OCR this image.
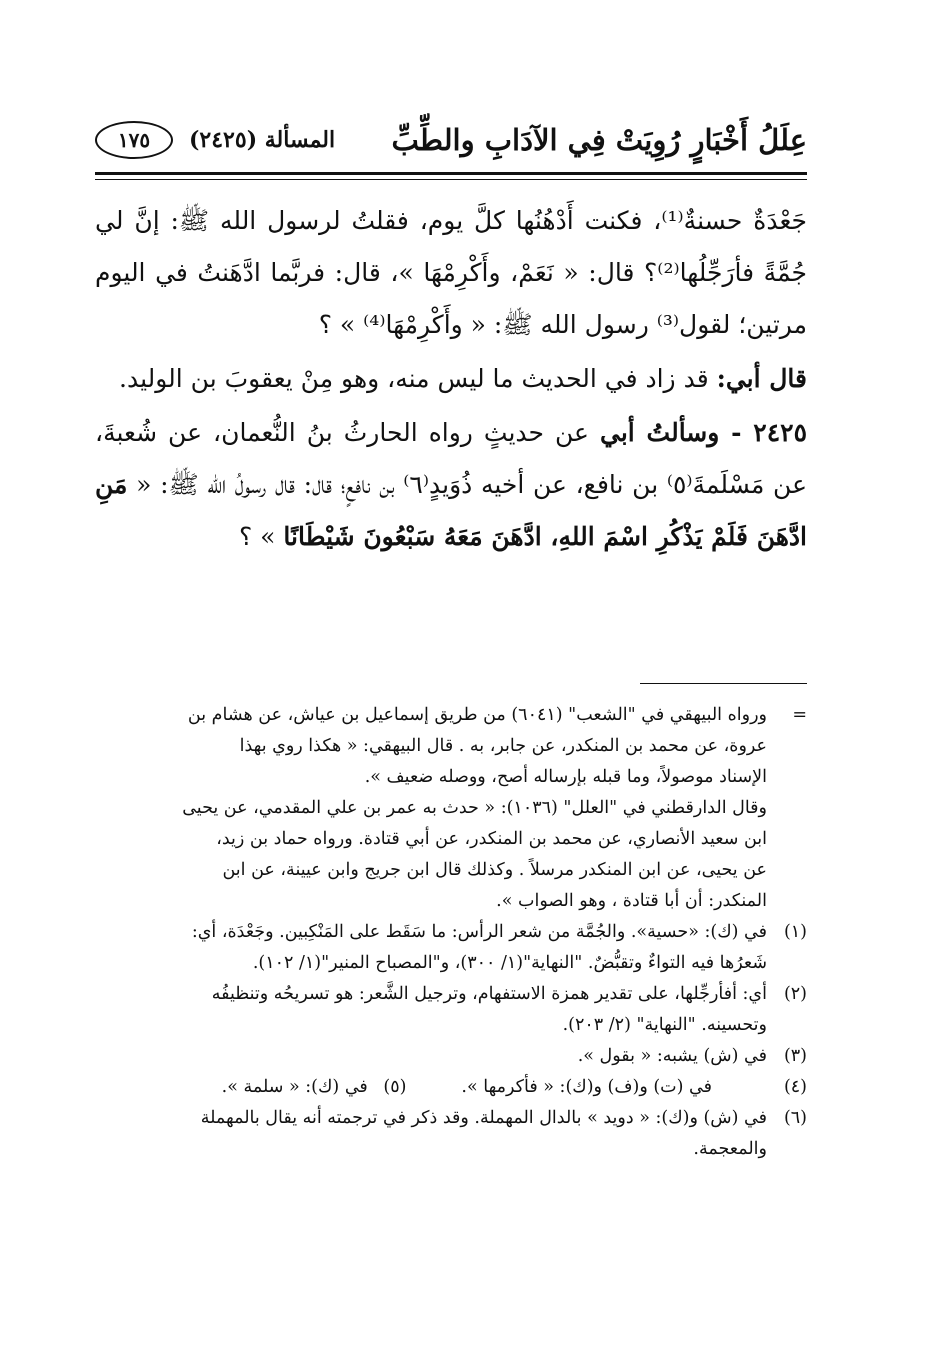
عِلَلُ أَخْبَارٍ رُوِيَتْ فِي الآدَابِ والطِّبِّ
المسألة (٢٤٢٥)
١٧٥

جَعْدَةٌ حسنةٌ⁽¹⁾، فكنت أَدْهُنُها كلَّ يوم، فقلتُ لرسول الله ﷺ: إنَّ لي جُمَّةً فأرَجِّلُها⁽²⁾؟ قال: « نَعَمْ، وأَكْرِمْهَا »، قال: فربَّما ادَّهَنتُ في اليوم مرتين؛ لقول⁽³⁾ رسول الله ﷺ: « وأَكْرِمْهَا⁽⁴⁾ » ؟

قال أبي: قد زاد في الحديث ما ليس منه، وهو مِنْ يعقوبَ بن الوليد.

٢٤٢٥ - وسألتُ أبي عن حديثٍ رواه الحارثُ بنُ النُّعمان، عن شُعبةَ، عن مَسْلَمةَ⁽٥⁾ بن نافع، عن أخيه ذُوَيدٍ⁽٦⁾ بن نافعٍ؛ قال: قال رسولُ الله ﷺ: « مَنِ ادَّهَنَ فَلَمْ يَذْكُرِ اسْمَ اللهِ، ادَّهَنَ مَعَهُ سَبْعُونَ شَيْطَانًا » ؟

=
ورواه البيهقي في "الشعب" (٦٠٤١) من طريق إسماعيل بن عياش، عن هشام بن
عروة، عن محمد بن المنكدر، عن جابر، به . قال البيهقي: « هكذا روي بهذا
الإسناد موصولاً، وما قبله بإرساله أصح، ووصله ضعيف ».
وقال الدارقطني في "العلل" (١٠٣٦): « حدث به عمر بن علي المقدمي، عن يحيى
ابن سعيد الأنصاري، عن محمد بن المنكدر، عن أبي قتادة. ورواه حماد بن زيد،
عن يحيى، عن ابن المنكدر مرسلاً . وكذلك قال ابن جريج وابن عيينة، عن ابن
المنكدر: أن أبا قتادة ، وهو الصواب ».
(١)
في (ك): «حسية». والجُمَّة من شعر الرأس: ما سَقَط على المَنْكِبين. وجَعْدَة، أي:
شَعرُها فيه التواءٌ وتقبُّضٌ. "النهاية"(١/ ٣٠٠)، و"المصباح المنير"(١/ ١٠٢).
(٢)
أي: أفأرجِّلها، على تقدير همزة الاستفهام، وترجيل الشَّعر: هو تسريحُه وتنظيفُه
وتحسينه. "النهاية" (٢/ ٢٠٣).
(٣)
في (ش) يشبه: « بقول ».
(٤)
في (ت) و(ف) و(ك): « فأكرمها ».(٥) في (ك): « سلمة ».
(٦)
في (ش) و(ك): « دويد » بالدال المهملة. وقد ذكر في ترجمته أنه يقال بالمهملة
والمعجمة.
